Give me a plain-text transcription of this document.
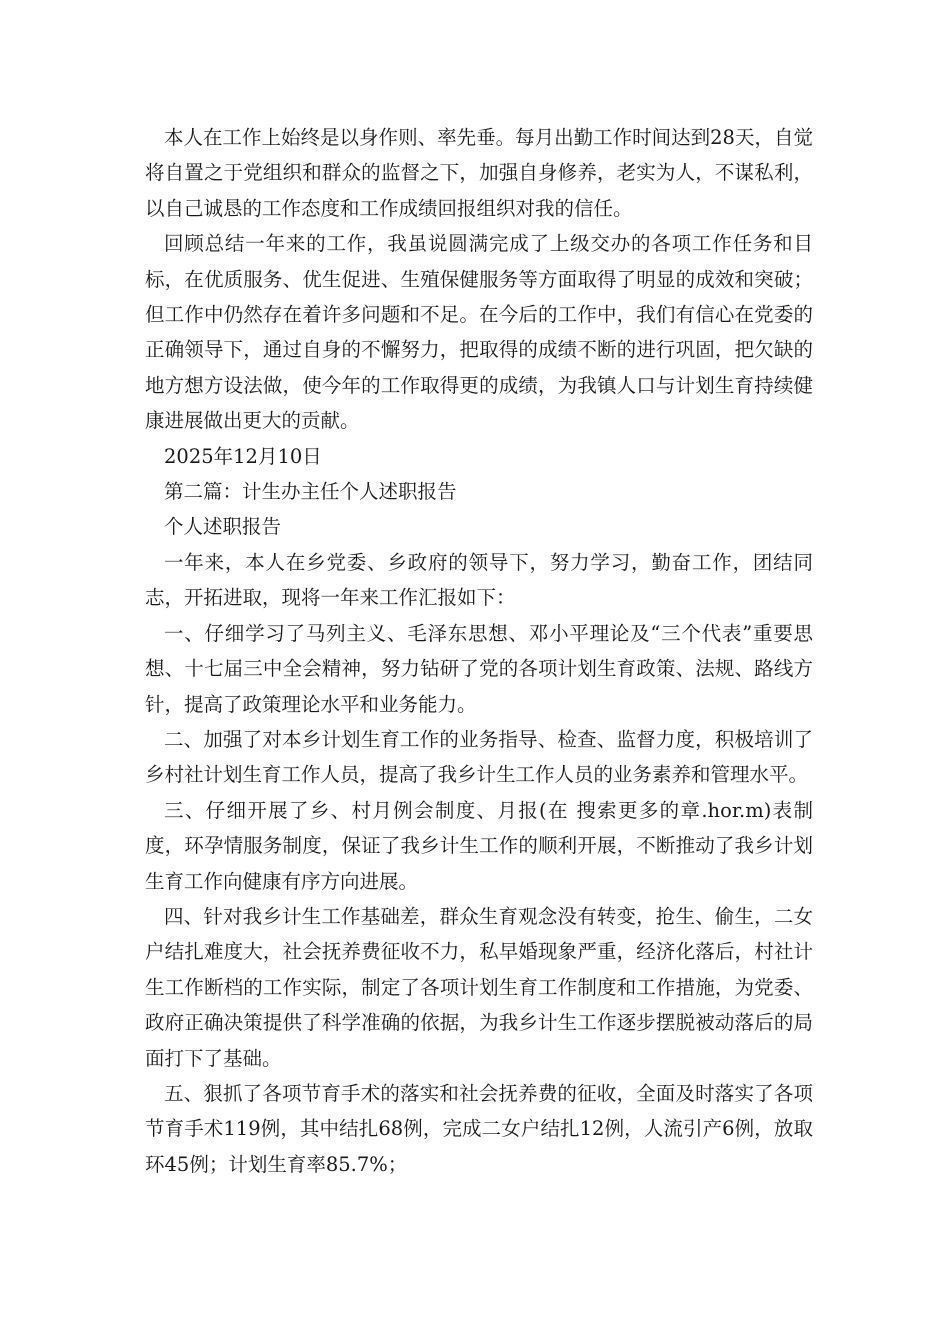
本人在工作上始终是以身作则、率先垂。每月出勤工作时间达到28天，自觉将自置之于党组织和群众的监督之下，加强自身修养，老实为人，不谋私利，以自己诚恳的工作态度和工作成绩回报组织对我的信任。

回顾总结一年来的工作，我虽说圆满完成了上级交办的各项工作任务和目标，在优质服务、优生促进、生殖保健服务等方面取得了明显的成效和突破；但工作中仍然存在着许多问题和不足。在今后的工作中，我们有信心在党委的正确领导下，通过自身的不懈努力，把取得的成绩不断的进行巩固，把欠缺的地方想方设法做，使今年的工作取得更的成绩，为我镇人口与计划生育持续健康进展做出更大的贡献。

2025年12月10日

第二篇：计生办主任个人述职报告

个人述职报告

一年来，本人在乡党委、乡政府的领导下，努力学习，勤奋工作，团结同志，开拓进取，现将一年来工作汇报如下：

一、仔细学习了马列主义、毛泽东思想、邓小平理论及“三个代表”重要思想、十七届三中全会精神，努力钻研了党的各项计划生育政策、法规、路线方针，提高了政策理论水平和业务能力。

二、加强了对本乡计划生育工作的业务指导、检查、监督力度，积极培训了乡村社计划生育工作人员，提高了我乡计生工作人员的业务素养和管理水平。

三、仔细开展了乡、村月例会制度、月报(在 搜索更多的章.hor.m)表制度，环孕情服务制度，保证了我乡计生工作的顺利开展，不断推动了我乡计划生育工作向健康有序方向进展。

四、针对我乡计生工作基础差，群众生育观念没有转变，抢生、偷生，二女户结扎难度大，社会抚养费征收不力，私早婚现象严重，经济化落后，村社计生工作断档的工作实际，制定了各项计划生育工作制度和工作措施，为党委、政府正确决策提供了科学准确的依据，为我乡计生工作逐步摆脱被动落后的局面打下了基础。

五、狠抓了各项节育手术的落实和社会抚养费的征收，全面及时落实了各项节育手术119例，其中结扎68例，完成二女户结扎12例，人流引产6例，放取环45例；计划生育率85.7%；
